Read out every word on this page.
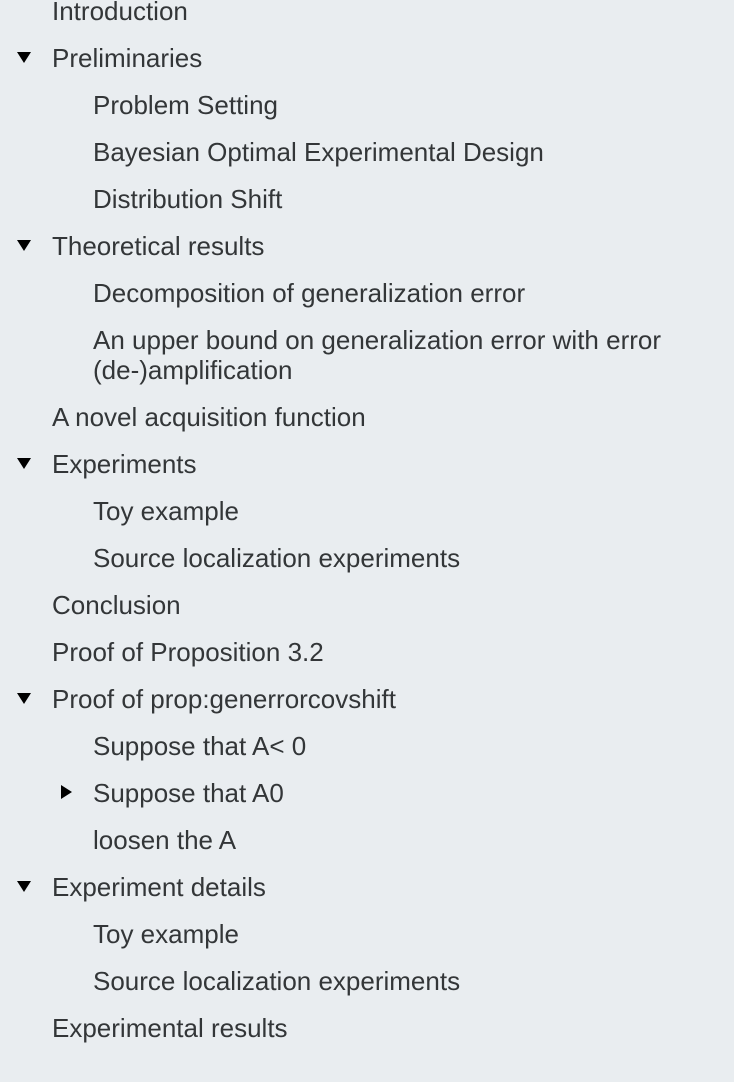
Introduction
Preliminaries
Problem Setting
Bayesian Optimal Experimental Design
Distribution Shift
Theoretical results
Decomposition of generalization error
An upper bound on generalization error with error (de-)amplification
A novel acquisition function
Experiments
Toy example
Source localization experiments
Conclusion
Proof of Proposition 3.2
Proof of prop:generrorcovshift
Suppose that A< 0
Suppose that A0
loosen the A
Experiment details
Toy example
Source localization experiments
Experimental results
